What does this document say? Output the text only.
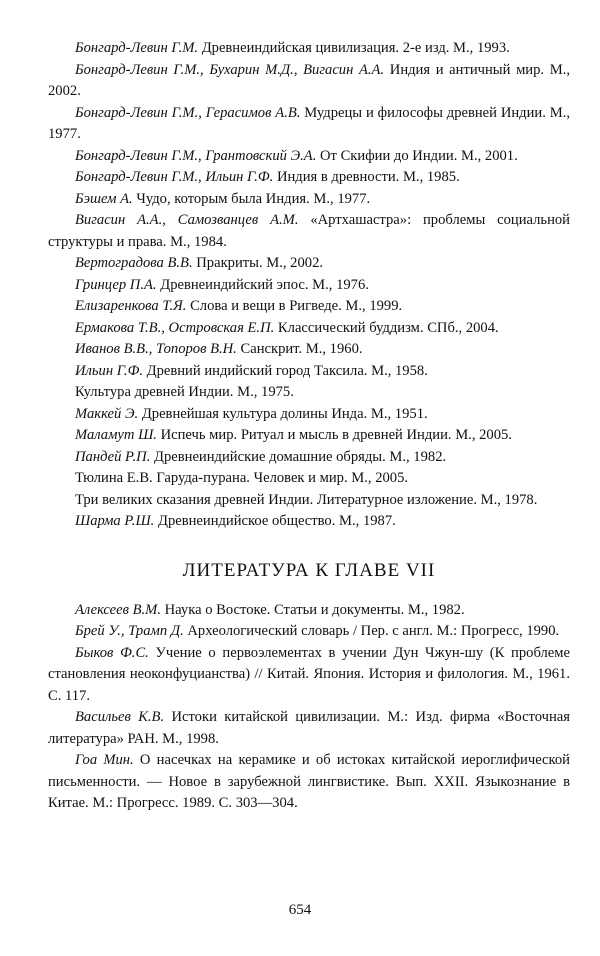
Бонгард-Левин Г.М. Древнеиндийская цивилизация. 2-е изд. М., 1993.

Бонгард-Левин Г.М., Бухарин М.Д., Вигасин А.А. Индия и античный мир. М., 2002.

Бонгард-Левин Г.М., Герасимов А.В. Мудрецы и философы древней Индии. М., 1977.

Бонгард-Левин Г.М., Грантовский Э.А. От Скифии до Индии. М., 2001.

Бонгард-Левин Г.М., Ильин Г.Ф. Индия в древности. М., 1985.

Бэшем А. Чудо, которым была Индия. М., 1977.

Вигасин А.А., Самозванцев А.М. «Артхашастра»: проблемы социальной структуры и права. М., 1984.

Вертоградова В.В. Пракриты. М., 2002.

Гринцер П.А. Древнеиндийский эпос. М., 1976.

Елизаренкова Т.Я. Слова и вещи в Ригведе. М., 1999.

Ермакова Т.В., Островская Е.П. Классический буддизм. СПб., 2004.

Иванов В.В., Топоров В.Н. Санскрит. М., 1960.

Ильин Г.Ф. Древний индийский город Таксила. М., 1958.

Культура древней Индии. М., 1975.

Маккей Э. Древнейшая культура долины Инда. М., 1951.

Маламут Ш. Испечь мир. Ритуал и мысль в древней Индии. М., 2005.

Пандей Р.П. Древнеиндийские домашние обряды. М., 1982.

Тюлина Е.В. Гаруда-пурана. Человек и мир. М., 2005.

Три великих сказания древней Индии. Литературное изложение. М., 1978.

Шарма Р.Ш. Древнеиндийское общество. М., 1987.

ЛИТЕРАТУРА К ГЛАВЕ VII

Алексеев В.М. Наука о Востоке. Статьи и документы. М., 1982.

Брей У., Трамп Д. Археологический словарь / Пер. с англ. М.: Прогресс, 1990.

Быков Ф.С. Учение о первоэлементах в учении Дун Чжун-шу (К проблеме становления неоконфуцианства) // Китай. Япония. История и филология. М., 1961. С. 117.

Васильев К.В. Истоки китайской цивилизации. М.: Изд. фирма «Восточная литература» РАН. М., 1998.

Гоа Мин. О насечках на керамике и об истоках китайской иероглифической письменности. — Новое в зарубежной лингвистике. Вып. XXII. Языкознание в Китае. М.: Прогресс. 1989. С. 303—304.

654
